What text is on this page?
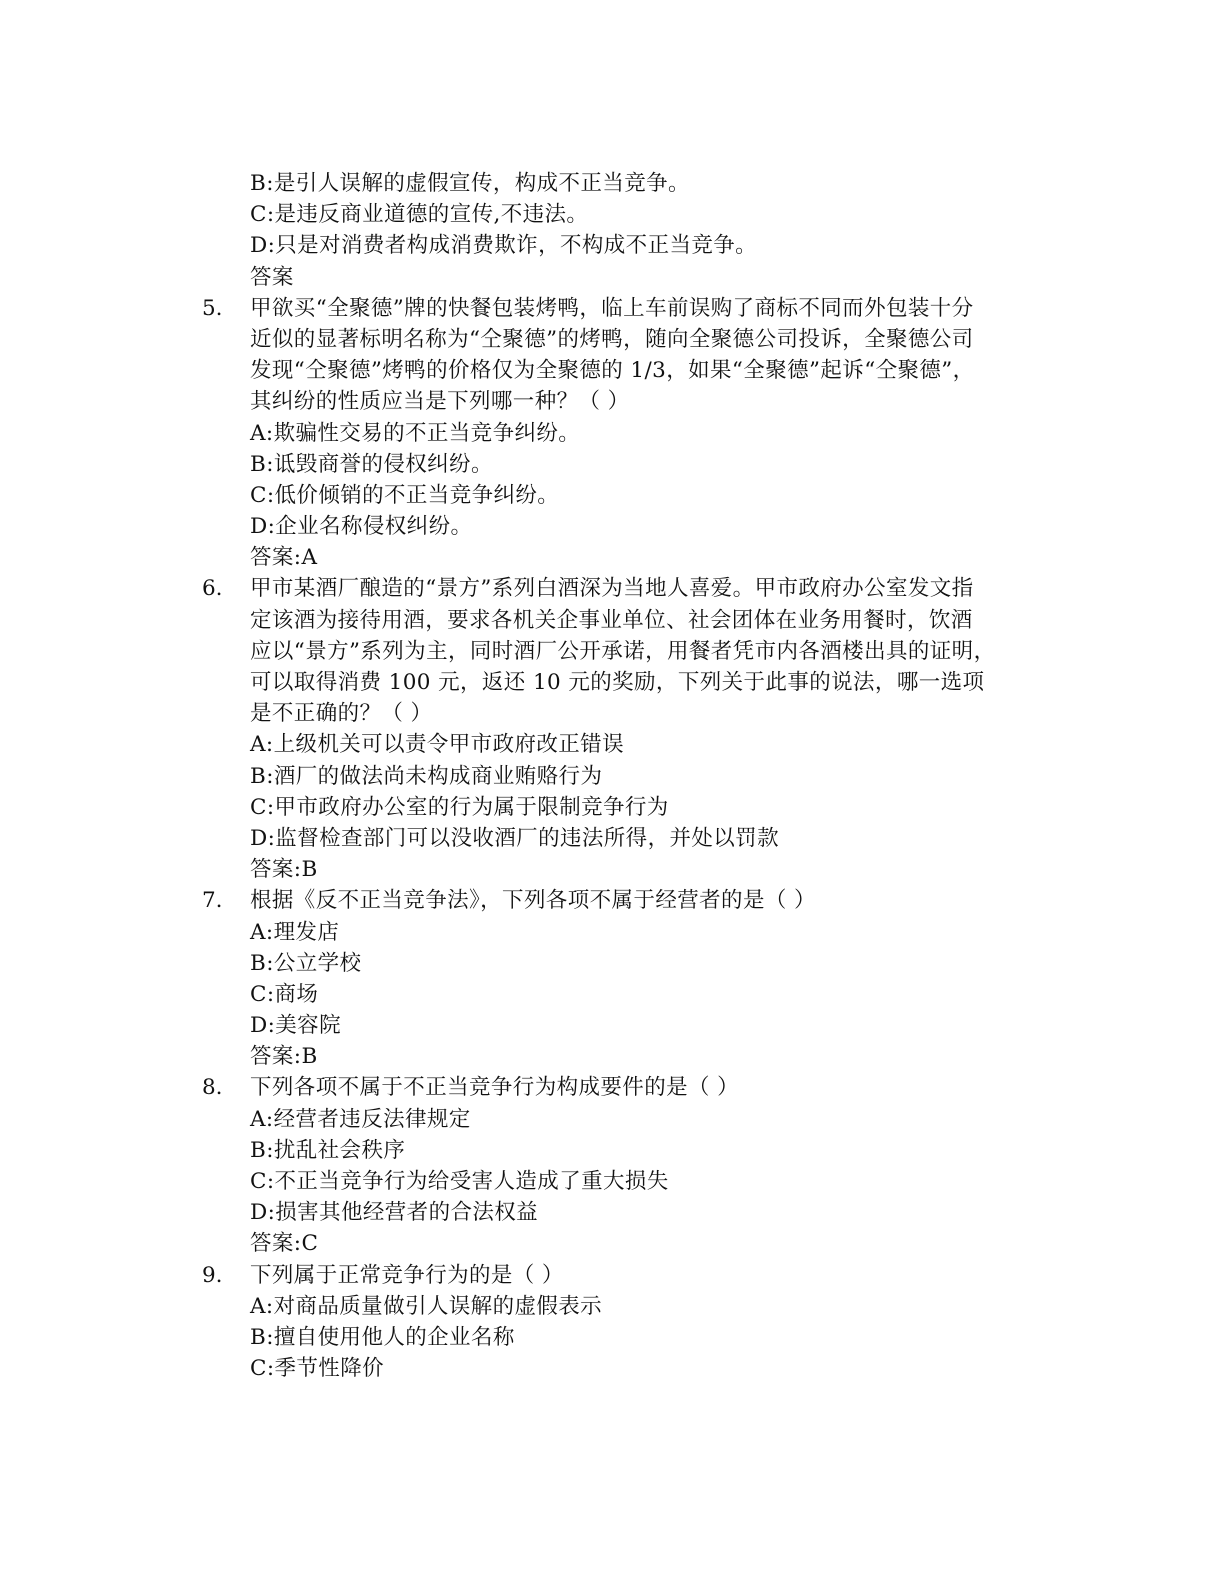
B:是引人误解的虚假宣传，构成不正当竞争。
C:是违反商业道德的宣传,不违法。
D:只是对消费者构成消费欺诈，不构成不正当竞争。
答案
5. 甲欲买“全聚德”牌的快餐包装烤鸭，临上车前误购了商标不同而外包装十分
近似的显著标明名称为“仝聚德”的烤鸭，随向全聚德公司投诉，全聚德公司
发现“仝聚德”烤鸭的价格仅为全聚德的 1/3，如果“全聚德”起诉“仝聚德”，
其纠纷的性质应当是下列哪一种？（ ）
A:欺骗性交易的不正当竞争纠纷。
B:诋毁商誉的侵权纠纷。
C:低价倾销的不正当竞争纠纷。
D:企业名称侵权纠纷。
答案:A
6. 甲市某酒厂酿造的“景方”系列白酒深为当地人喜爱。甲市政府办公室发文指
定该酒为接待用酒，要求各机关企事业单位、社会团体在业务用餐时，饮酒
应以“景方”系列为主，同时酒厂公开承诺，用餐者凭市内各酒楼出具的证明，
可以取得消费 100 元，返还 10 元的奖励，下列关于此事的说法，哪一选项
是不正确的？（ ）
A:上级机关可以责令甲市政府改正错误
B:酒厂的做法尚未构成商业贿赂行为
C:甲市政府办公室的行为属于限制竞争行为
D:监督检查部门可以没收酒厂的违法所得，并处以罚款
答案:B
7. 根据《反不正当竞争法》，下列各项不属于经营者的是（ ）
A:理发店
B:公立学校
C:商场
D:美容院
答案:B
8. 下列各项不属于不正当竞争行为构成要件的是（ ）
A:经营者违反法律规定
B:扰乱社会秩序
C:不正当竞争行为给受害人造成了重大损失
D:损害其他经营者的合法权益
答案:C
9. 下列属于正常竞争行为的是（ ）
A:对商品质量做引人误解的虚假表示
B:擅自使用他人的企业名称
C:季节性降价
